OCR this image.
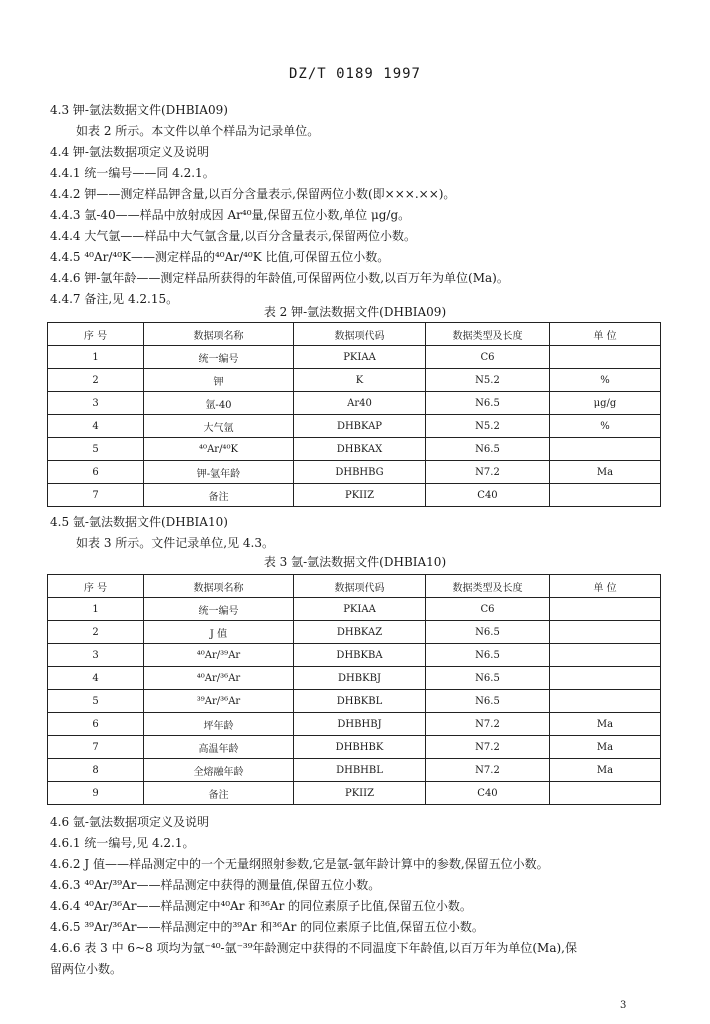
DZ/T 0189 1997
4.3 钾-氩法数据文件(DHBIA09)
如表 2 所示。本文件以单个样品为记录单位。
4.4 钾-氩法数据项定义及说明
4.4.1 统一编号——同 4.2.1。
4.4.2 钾——测定样品钾含量,以百分含量表示,保留两位小数(即×××.××)。
4.4.3 氩-40——样品中放射成因 Ar⁴⁰量,保留五位小数,单位 μg/g。
4.4.4 大气氩——样品中大气氩含量,以百分含量表示,保留两位小数。
4.4.5 ⁴⁰Ar/⁴⁰K——测定样品的⁴⁰Ar/⁴⁰K 比值,可保留五位小数。
4.4.6 钾-氩年龄——测定样品所获得的年龄值,可保留两位小数,以百万年为单位(Ma)。
4.4.7 备注,见 4.2.15。
表 2 钾-氩法数据文件(DHBIA09)
序 号	数据项名称	数据项代码	数据类型及长度	单 位
1	统一编号	PKIAA	C6	
2	钾	K	N5.2	%
3	氩-40	Ar40	N6.5	μg/g
4	大气氩	DHBKAP	N5.2	%
5	⁴⁰Ar/⁴⁰K	DHBKAX	N6.5	
6	钾-氩年龄	DHBHBG	N7.2	Ma
7	备注	PKIIZ	C40	
4.5 氩-氩法数据文件(DHBIA10)
如表 3 所示。文件记录单位,见 4.3。
表 3 氩-氩法数据文件(DHBIA10)
序 号	数据项名称	数据项代码	数据类型及长度	单 位
1	统一编号	PKIAA	C6	
2	J 值	DHBKAZ	N6.5	
3	⁴⁰Ar/³⁹Ar	DHBKBA	N6.5	
4	⁴⁰Ar/³⁶Ar	DHBKBJ	N6.5	
5	³⁹Ar/³⁶Ar	DHBKBL	N6.5	
6	坪年龄	DHBHBJ	N7.2	Ma
7	高温年龄	DHBHBK	N7.2	Ma
8	全熔融年龄	DHBHBL	N7.2	Ma
9	备注	PKIIZ	C40	
4.6 氩-氩法数据项定义及说明
4.6.1 统一编号,见 4.2.1。
4.6.2 J 值——样品测定中的一个无量纲照射参数,它是氩-氩年龄计算中的参数,保留五位小数。
4.6.3 ⁴⁰Ar/³⁹Ar——样品测定中获得的测量值,保留五位小数。
4.6.4 ⁴⁰Ar/³⁶Ar——样品测定中⁴⁰Ar 和³⁶Ar 的同位素原子比值,保留五位小数。
4.6.5 ³⁹Ar/³⁶Ar——样品测定中的³⁹Ar 和³⁶Ar 的同位素原子比值,保留五位小数。
4.6.6 表 3 中 6~8 项均为氩⁻⁴⁰-氩⁻³⁹年龄测定中获得的不同温度下年龄值,以百万年为单位(Ma),保
留两位小数。
3
